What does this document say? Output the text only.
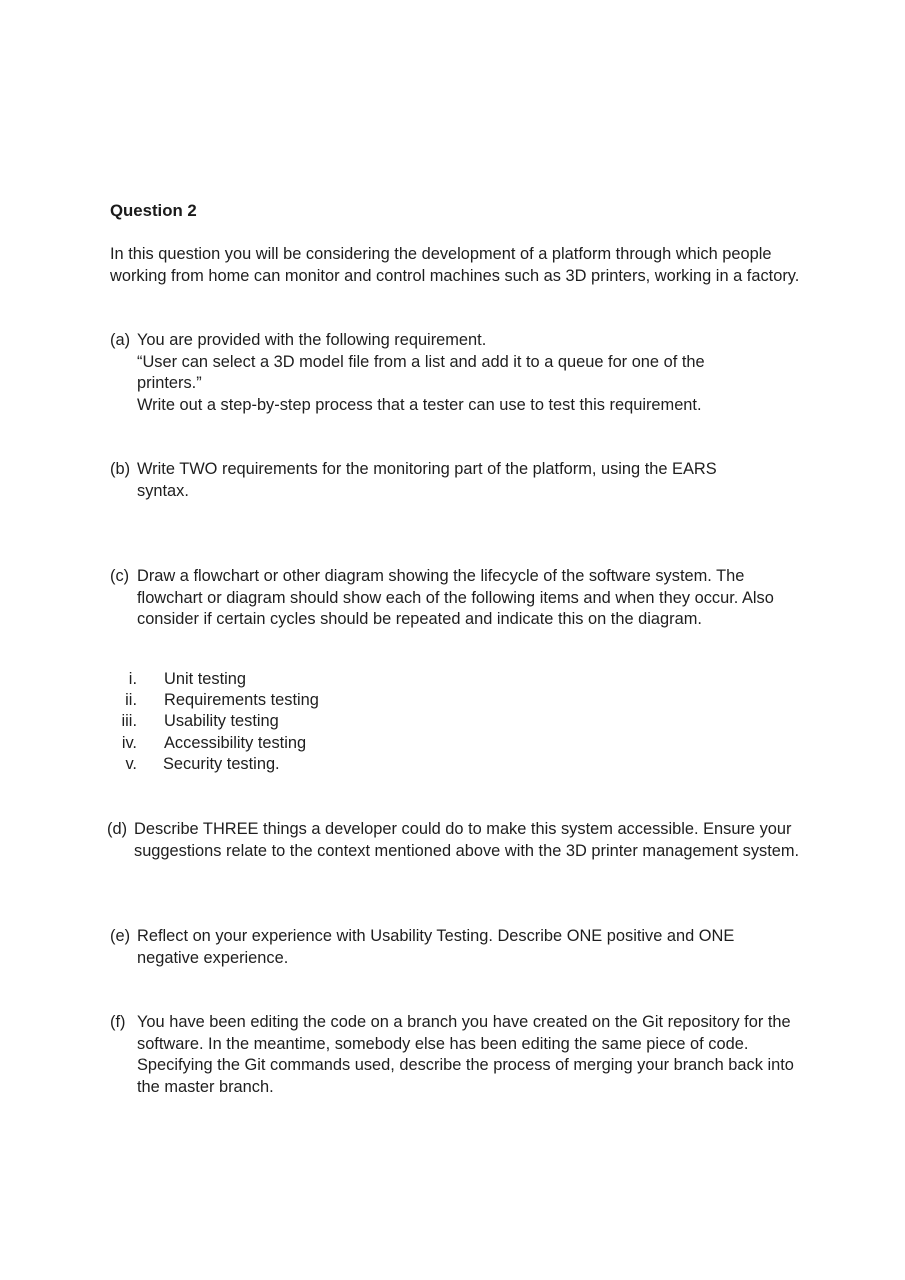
Question 2

In this question you will be considering the development of a platform through which people working from home can monitor and control machines such as 3D printers, working in a factory.

(a) You are provided with the following requirement.

“User can select a 3D model file from a list and add it to a queue for one of the printers.”

Write out a step-by-step process that a tester can use to test this requirement.

(b) Write TWO requirements for the monitoring part of the platform, using the EARS syntax.

(c) Draw a flowchart or other diagram showing the lifecycle of the software system. The flowchart or diagram should show each of the following items and when they occur. Also consider if certain cycles should be repeated and indicate this on the diagram.

i. Unit testing
ii. Requirements testing
iii. Usability testing
iv. Accessibility testing
v. Security testing.
(d) Describe THREE things a developer could do to make this system accessible. Ensure your suggestions relate to the context mentioned above with the 3D printer management system.

(e) Reflect on your experience with Usability Testing. Describe ONE positive and ONE negative experience.

(f) You have been editing the code on a branch you have created on the Git repository for the software. In the meantime, somebody else has been editing the same piece of code. Specifying the Git commands used, describe the process of merging your branch back into the master branch.
